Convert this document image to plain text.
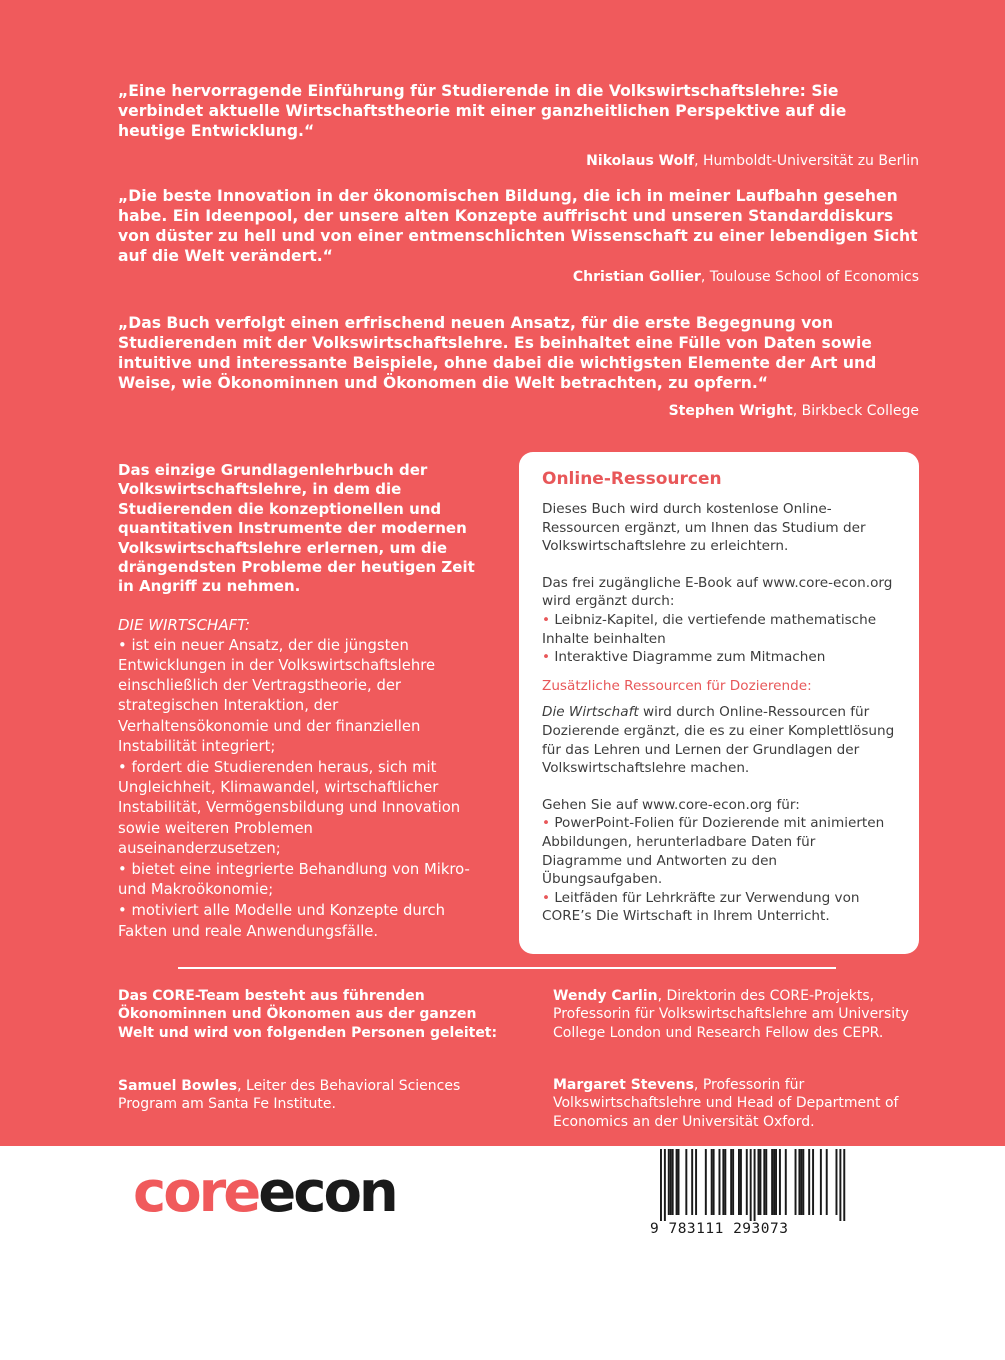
„Eine hervorragende Einführung für Studierende in die Volkswirtschaftslehre: Sie verbindet aktuelle Wirtschaftstheorie mit einer ganzheitlichen Perspektive auf die heutige Entwicklung.“
Nikolaus Wolf, Humboldt-Universität zu Berlin
„Die beste Innovation in der ökonomischen Bildung, die ich in meiner Laufbahn gesehen habe. Ein Ideenpool, der unsere alten Konzepte auffrischt und unseren Standarddiskurs von düster zu hell und von einer entmenschlichten Wissenschaft zu einer lebendigen Sicht auf die Welt verändert.“
Christian Gollier, Toulouse School of Economics
„Das Buch verfolgt einen erfrischend neuen Ansatz, für die erste Begegnung von Studierenden mit der Volkswirtschaftslehre. Es beinhaltet eine Fülle von Daten sowie intuitive und interessante Beispiele, ohne dabei die wichtigsten Elemente der Art und Weise, wie Ökonominnen und Ökonomen die Welt betrachten, zu opfern.“
Stephen Wright, Birkbeck College
Das einzige Grundlagenlehrbuch der Volkswirtschaftslehre, in dem die Studierenden die konzeptionellen und quantitativen Instrumente der modernen Volkswirtschaftslehre erlernen, um die drängendsten Probleme der heutigen Zeit in Angriff zu nehmen.
DIE WIRTSCHAFT:
• ist ein neuer Ansatz, der die jüngsten Entwicklungen in der Volkswirtschaftslehre einschließlich der Vertragstheorie, der strategischen Interaktion, der Verhaltensökonomie und der finanziellen Instabilität integriert;
• fordert die Studierenden heraus, sich mit Ungleichheit, Klimawandel, wirtschaftlicher Instabilität, Vermögensbildung und Innovation sowie weiteren Problemen auseinanderzusetzen;
• bietet eine integrierte Behandlung von Mikro- und Makroökonomie;
• motiviert alle Modelle und Konzepte durch Fakten und reale Anwendungsfälle.
Online-Ressourcen

Dieses Buch wird durch kostenlose Online-Ressourcen ergänzt, um Ihnen das Studium der Volkswirtschaftslehre zu erleichtern.

Das frei zugängliche E-Book auf www.core-econ.org wird ergänzt durch:

• Leibniz-Kapitel, die vertiefende mathematische Inhalte beinhalten
• Interaktive Diagramme zum Mitmachen
Zusätzliche Ressourcen für Dozierende:

Die Wirtschaft wird durch Online-Ressourcen für Dozierende ergänzt, die es zu einer Komplettlösung für das Lehren und Lernen der Grundlagen der Volkswirtschaftslehre machen.

Gehen Sie auf www.core-econ.org für:

• PowerPoint-Folien für Dozierende mit animierten Abbildungen, herunterladbare Daten für Diagramme und Antworten zu den Übungsaufgaben.
• Leitfäden für Lehrkräfte zur Verwendung von CORE’s Die Wirtschaft in Ihrem Unterricht.
Das CORE-Team besteht aus führenden Ökonominnen und Ökonomen aus der ganzen Welt und wird von folgenden Personen geleitet:
Samuel Bowles, Leiter des Behavioral Sciences Program am Santa Fe Institute.
Wendy Carlin, Direktorin des CORE-Projekts, Professorin für Volkswirtschaftslehre am University College London und Research Fellow des CEPR.
Margaret Stevens, Professorin für Volkswirtschaftslehre und Head of Department of Economics an der Universität Oxford.
coreecon
9 783111 293073
